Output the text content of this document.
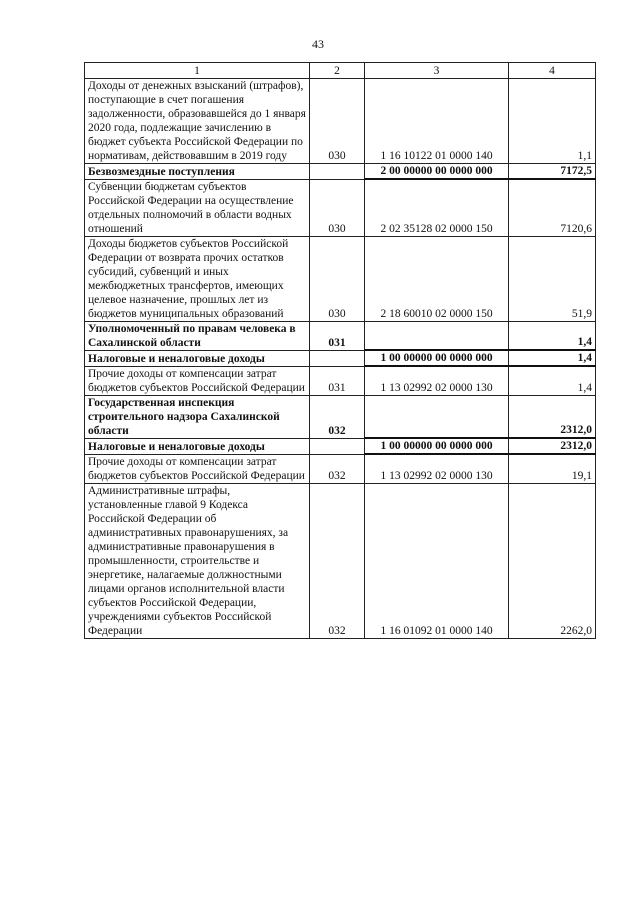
43
1	2	3	4
Доходы от денежных взысканий (штрафов), поступающие в счет погашения задолженности, образовавшейся до 1 января 2020 года, подлежащие зачислению в бюджет субъекта Российской Федерации по нормативам, действовавшим в 2019 году	030	1 16 10122 01 0000 140	1,1
Безвозмездные поступления		2 00 00000 00 0000 000	7172,5
Субвенции бюджетам субъектов Российской Федерации на осуществление отдельных полномочий в области водных отношений	030	2 02 35128 02 0000 150	7120,6
Доходы бюджетов субъектов Российской Федерации от возврата прочих остатков субсидий, субвенций и иных межбюджетных трансфертов, имеющих целевое назначение, прошлых лет из бюджетов муниципальных образований	030	2 18 60010 02 0000 150	51,9
Уполномоченный по правам человека в Сахалинской области	031		1,4
Налоговые и неналоговые доходы		1 00 00000 00 0000 000	1,4
Прочие доходы от компенсации затрат бюджетов субъектов Российской Федерации	031	1 13 02992 02 0000 130	1,4
Государственная инспекция строительного надзора Сахалинской области	032		2312,0
Налоговые и неналоговые доходы		1 00 00000 00 0000 000	2312,0
Прочие доходы от компенсации затрат бюджетов субъектов Российской Федерации	032	1 13 02992 02 0000 130	19,1
Административные штрафы, установленные главой 9 Кодекса Российской Федерации об административных правонарушениях, за административные правонарушения в промышленности, строительстве и энергетике, налагаемые должностными лицами органов исполнительной власти субъектов Российской Федерации, учреждениями субъектов Российской Федерации	032	1 16 01092 01 0000 140	2262,0
